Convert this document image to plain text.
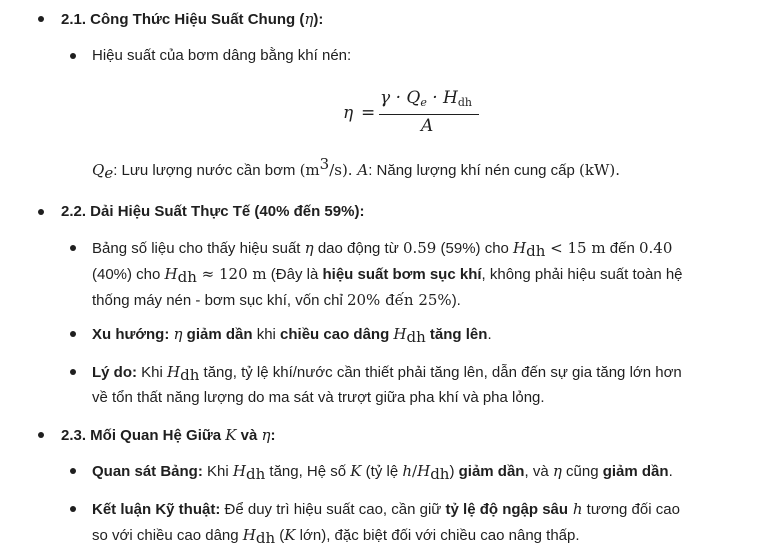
2.1. Công Thức Hiệu Suất Chung (η):
Hiệu suất của bơm dâng bằng khí nén:
η =
$\gamma \cdot Q_e \cdot H_{dh}$
A
$Q_e$: Lưu lượng nước cần bơm $(m^3/s)$. A: Năng lượng khí nén cung cấp (kW).
2.2. Dải Hiệu Suất Thực Tế (40% đến 59%):
Bảng số liệu cho thấy hiệu suất η dao động từ 0.59 (59%) cho $H_{dh} < 15$ m đến 0.40
(40%) cho $H_{dh} \approx 120$ m (Đây là hiệu suất bơm sục khí, không phải hiệu suất toàn hệ
thống máy nén - bơm sục khí, vốn chỉ 20% đến 25%).
Xu hướng: η giảm dần khi chiều cao dâng $H_{dh}$ tăng lên.
Lý do: Khi $H_{dh}$ tăng, tỷ lệ khí/nước cần thiết phải tăng lên, dẫn đến sự gia tăng lớn hơn
về tổn thất năng lượng do ma sát và trượt giữa pha khí và pha lỏng.
2.3. Mối Quan Hệ Giữa K và η:
Quan sát Bảng: Khi $H_{dh}$ tăng, Hệ số K (tỷ lệ $h/H_{dh}$) giảm dần, và η cũng giảm dần.
Kết luận Kỹ thuật: Để duy trì hiệu suất cao, cần giữ tỷ lệ độ ngập sâu h tương đối cao
so với chiều cao dâng $H_{dh}$ (K lớn), đặc biệt đối với chiều cao nâng thấp.
